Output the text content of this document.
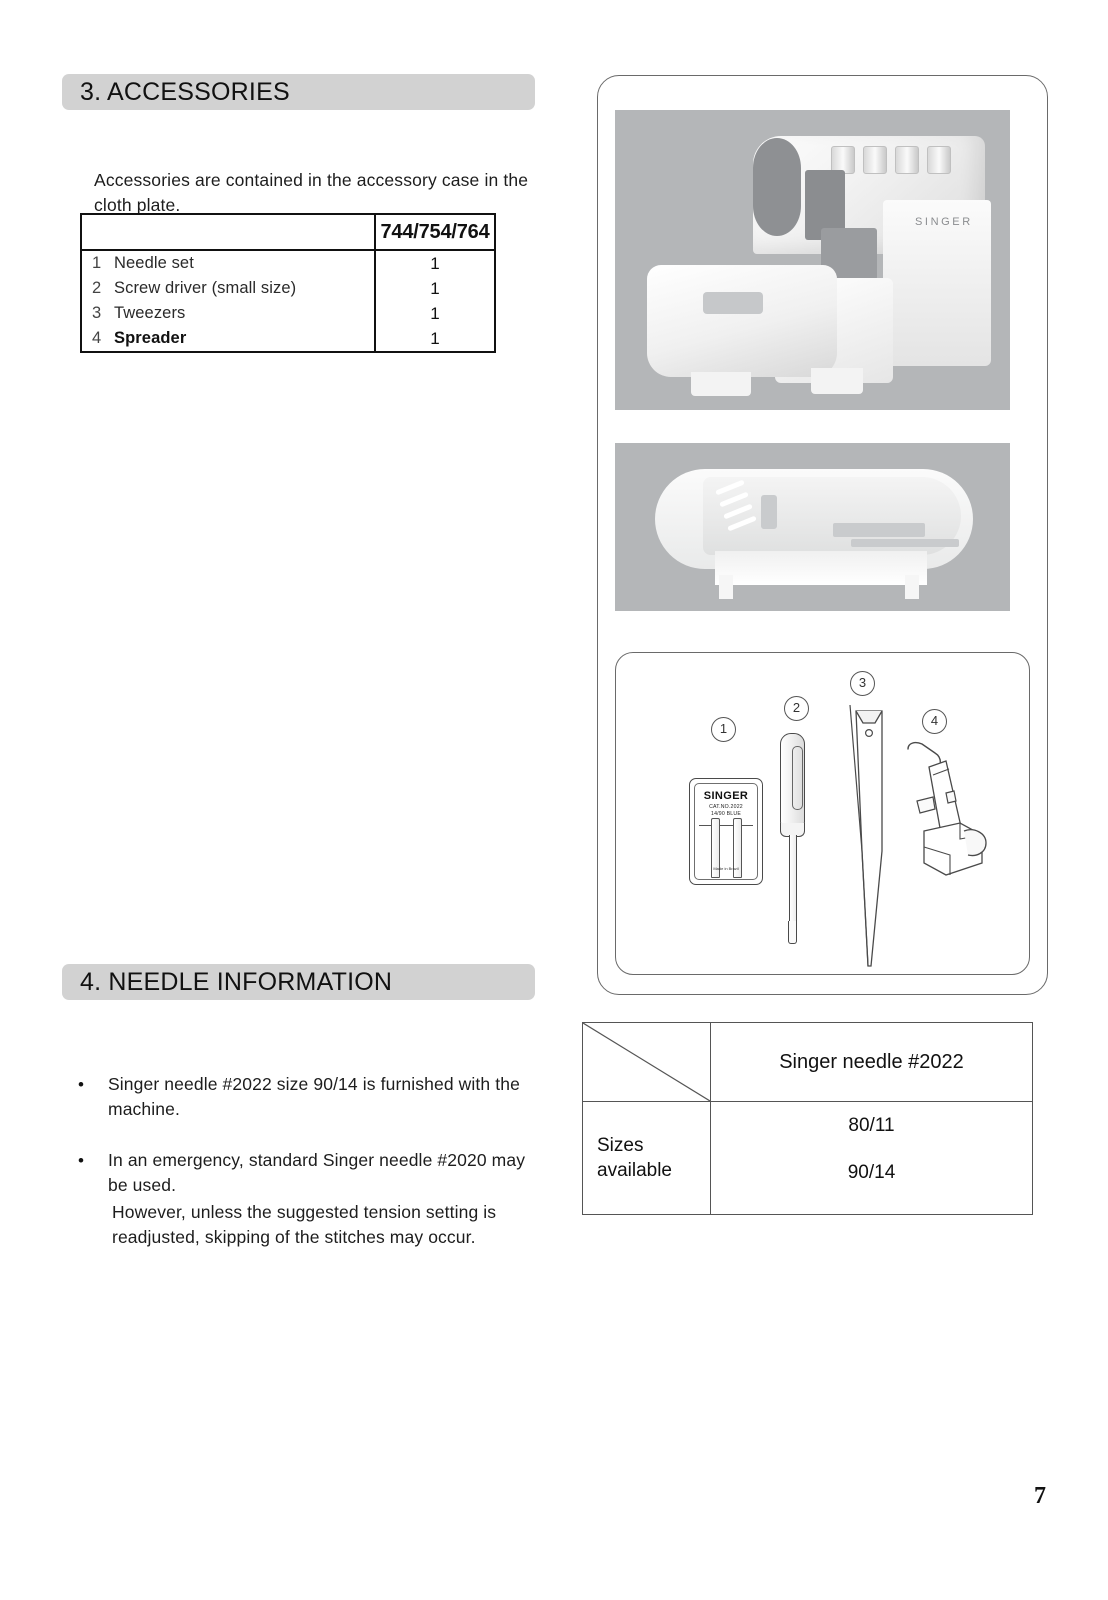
3. ACCESSORIES

Accessories are contained in the accessory case in the cloth plate.

	744/754/764

1 Needle set	1

2 Screw driver (small size)	1

3 Tweezers	1

4 Spreader	1
SINGER
1
2
3
4
SINGER
CAT.NO.2022
14/90 BLUE
Made in Brazil
4. NEEDLE INFORMATION
•	Singer needle #2022 size 90/14 is furnished with the machine.
•	In an emergency, standard Singer needle #2020 may be used.
However, unless the suggested tension setting is readjusted, skipping of the stitches may occur.
	Singer needle #2022

Sizes available	80/11
90/14
7
